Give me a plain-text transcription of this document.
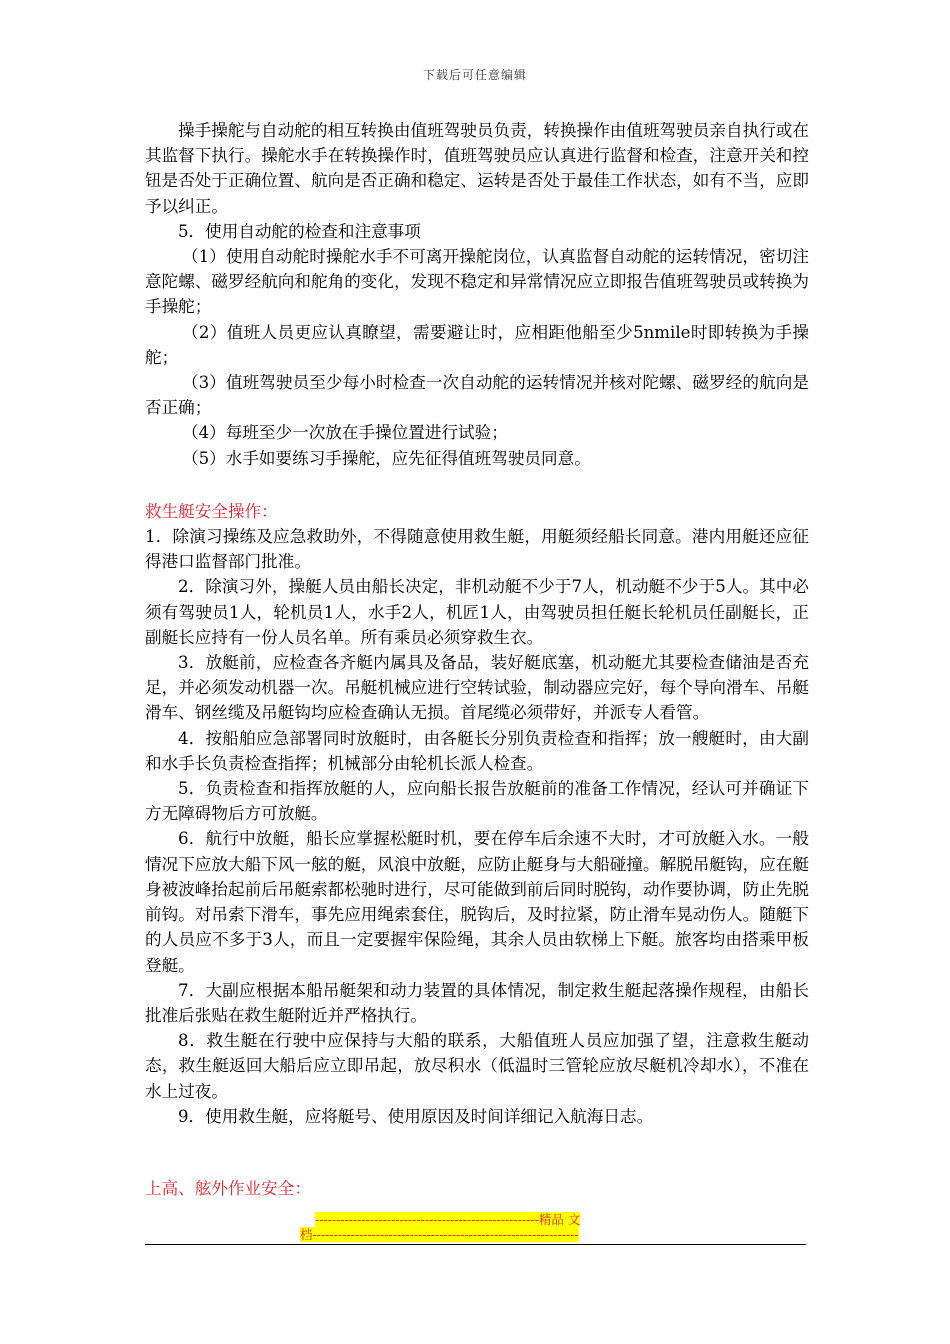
下载后可任意编辑

操手操舵与自动舵的相互转换由值班驾驶员负责，转换操作由值班驾驶员亲自执行或在其监督下执行。操舵水手在转换操作时，值班驾驶员应认真进行监督和检查，注意开关和控钮是否处于正确位置、航向是否正确和稳定、运转是否处于最佳工作状态，如有不当，应即予以纠正。

5．使用自动舵的检查和注意事项

（1）使用自动舵时操舵水手不可离开操舵岗位，认真监督自动舵的运转情况，密切注意陀螺、磁罗经航向和舵角的变化，发现不稳定和异常情况应立即报告值班驾驶员或转换为手操舵；

（2）值班人员更应认真瞭望，需要避让时，应相距他船至少5nmile时即转换为手操舵；

（3）值班驾驶员至少每小时检查一次自动舵的运转情况并核对陀螺、磁罗经的航向是否正确；

（4）每班至少一次放在手操位置进行试验；

（5）水手如要练习手操舵，应先征得值班驾驶员同意。

救生艇安全操作：

1．除演习操练及应急救助外，不得随意使用救生艇，用艇须经船长同意。港内用艇还应征得港口监督部门批准。

2．除演习外，操艇人员由船长决定，非机动艇不少于7人，机动艇不少于5人。其中必须有驾驶员1人，轮机员1人，水手2人，机匠1人，由驾驶员担任艇长轮机员任副艇长，正副艇长应持有一份人员名单。所有乘员必须穿救生衣。

3．放艇前，应检查各齐艇内属具及备品，装好艇底塞，机动艇尤其要检查储油是否充足，并必须发动机器一次。吊艇机械应进行空转试验，制动器应完好，每个导向滑车、吊艇滑车、钢丝缆及吊艇钩均应检查确认无损。首尾缆必须带好，并派专人看管。

4．按船舶应急部署同时放艇时，由各艇长分别负责检查和指挥；放一艘艇时，由大副和水手长负责检查指挥；机械部分由轮机长派人检查。

5．负责检查和指挥放艇的人，应向船长报告放艇前的准备工作情况，经认可并确证下方无障碍物后方可放艇。

6．航行中放艇，船长应掌握松艇时机，要在停车后余速不大时，才可放艇入水。一般情况下应放大船下风一舷的艇，风浪中放艇，应防止艇身与大船碰撞。解脱吊艇钩，应在艇身被波峰抬起前后吊艇索都松驰时进行，尽可能做到前后同时脱钩，动作要协调，防止先脱前钩。对吊索下滑车，事先应用绳索套住，脱钩后，及时拉紧，防止滑车晃动伤人。随艇下的人员应不多于3人，而且一定要握牢保险绳，其余人员由软梯上下艇。旅客均由搭乘甲板登艇。

7．大副应根据本船吊艇架和动力装置的具体情况，制定救生艇起落操作规程，由船长批准后张贴在救生艇附近并严格执行。

8．救生艇在行驶中应保持与大船的联系，大船值班人员应加强了望，注意救生艇动态，救生艇返回大船后应立即吊起，放尽积水（低温时三管轮应放尽艇机冷却水），不准在水上过夜。

9．使用救生艇，应将艇号、使用原因及时间详细记入航海日志。

上高、舷外作业安全：

-----------------------------------------------------精品 文
档---------------------------------------------------------------
